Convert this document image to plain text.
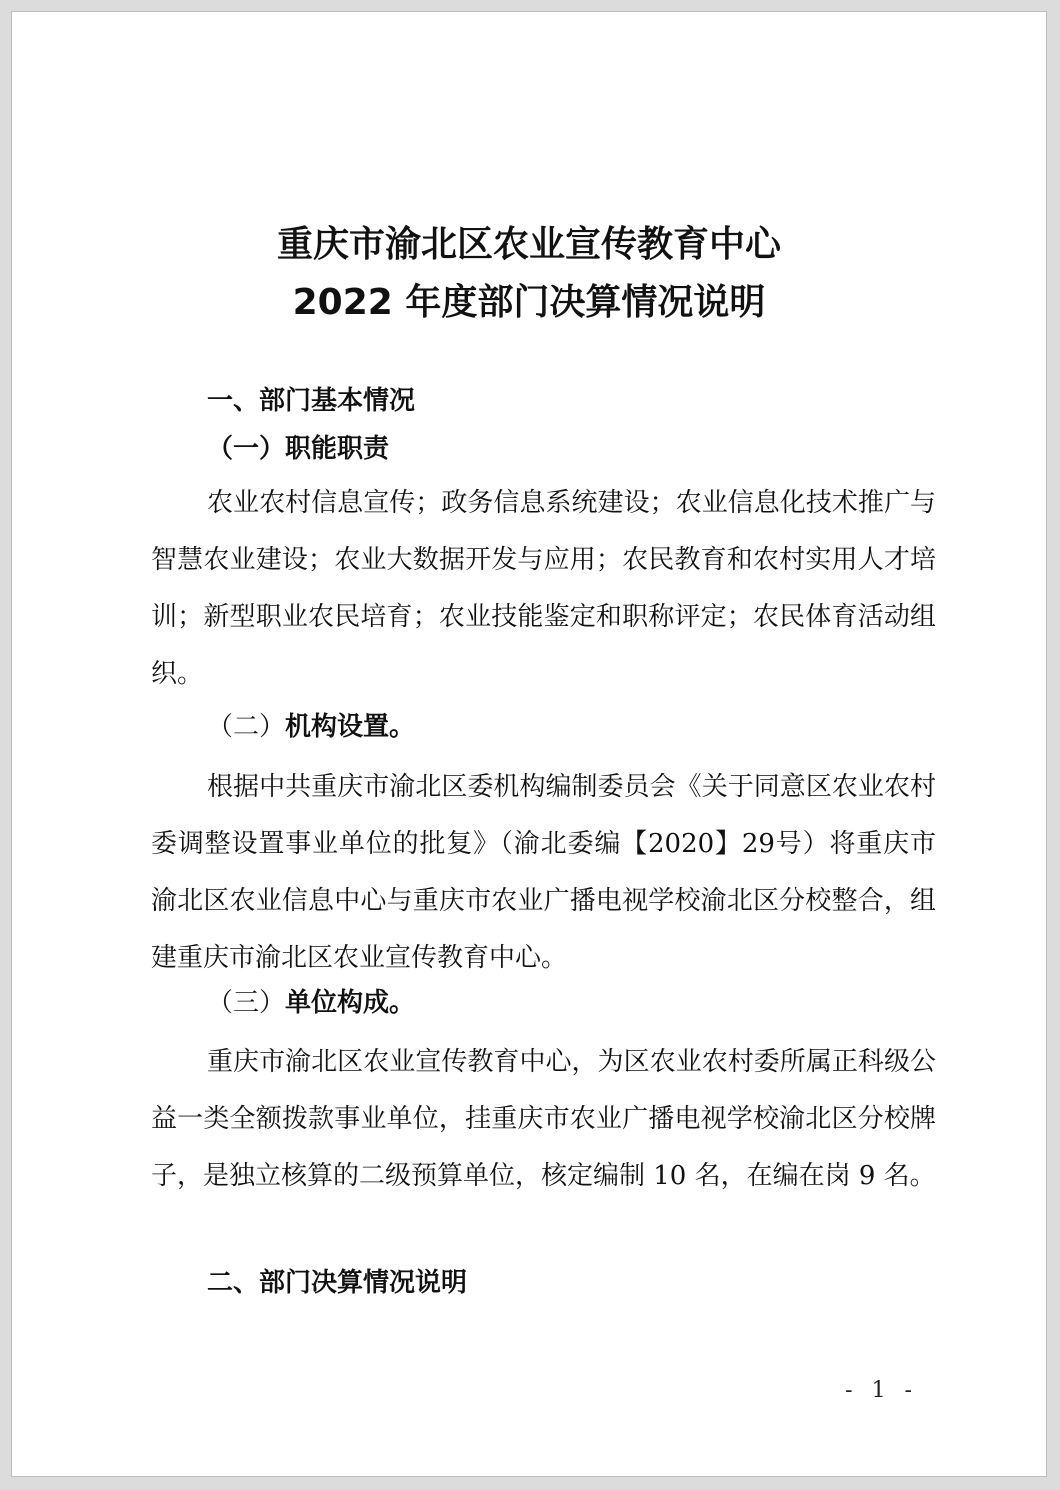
重庆市渝北区农业宣传教育中心
2022 年度部门决算情况说明
一、部门基本情况
（一）职能职责

农业农村信息宣传；政务信息系统建设；农业信息化技术推广与智慧农业建设；农业大数据开发与应用；农民教育和农村实用人才培训；新型职业农民培育；农业技能鉴定和职称评定；农民体育活动组织。

（二）机构设置。

根据中共重庆市渝北区委机构编制委员会《关于同意区农业农村委调整设置事业单位的批复》（渝北委编【2020】29号）将重庆市渝北区农业信息中心与重庆市农业广播电视学校渝北区分校整合，组建重庆市渝北区农业宣传教育中心。

（三）单位构成。

重庆市渝北区农业宣传教育中心，为区农业农村委所属正科级公益一类全额拨款事业单位，挂重庆市农业广播电视学校渝北区分校牌子，是独立核算的二级预算单位，核定编制 10 名，在编在岗 9 名。

二、部门决算情况说明
- 1 -
